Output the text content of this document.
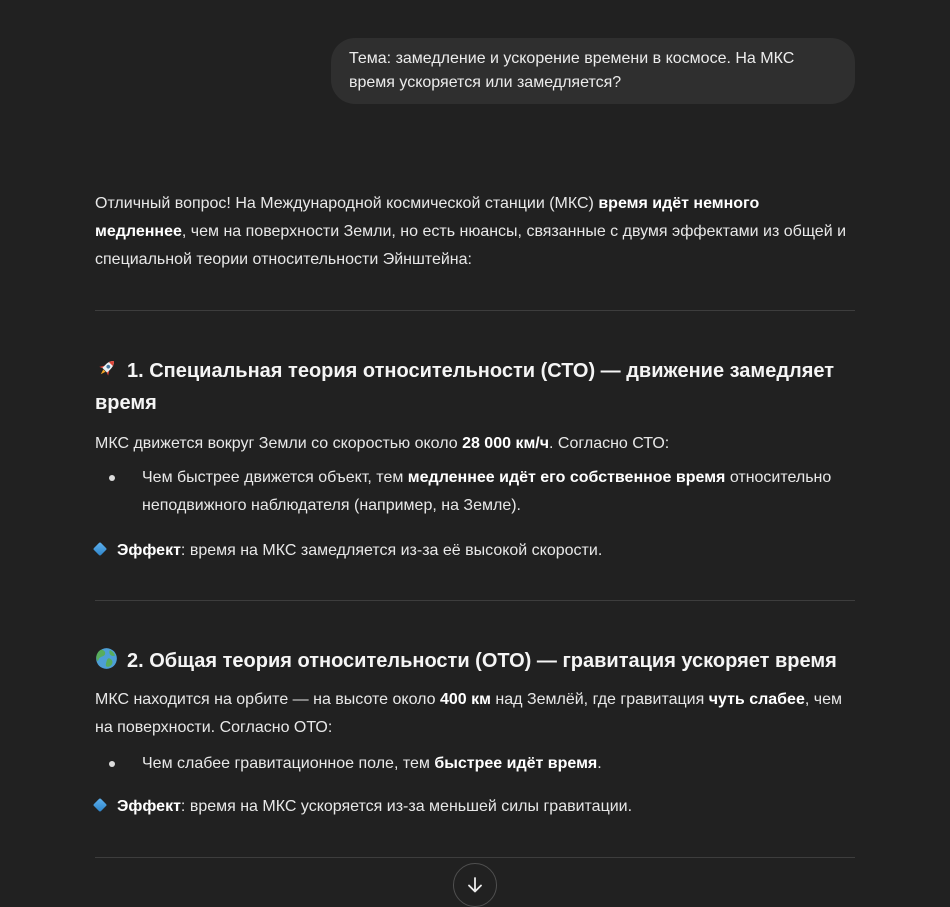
Тема: замедление и ускорение времени в космосе. На МКС время ускоряется или замедляется?

Отличный вопрос! На Международной космической станции (МКС) время идёт немного медленнее, чем на поверхности Земли, но есть нюансы, связанные с двумя эффектами из общей и специальной теории относительности Эйнштейна:

1. Специальная теория относительности (СТО) — движение замедляет время

МКС движется вокруг Земли со скоростью около 28 000 км/ч. Согласно СТО:

Чем быстрее движется объект, тем медленнее идёт его собственное время относительно неподвижного наблюдателя (например, на Земле).

Эффект: время на МКС замедляется из-за её высокой скорости.

2. Общая теория относительности (ОТО) — гравитация ускоряет время

МКС находится на орбите — на высоте около 400 км над Землёй, где гравитация чуть слабее, чем на поверхности. Согласно ОТО:

Чем слабее гравитационное поле, тем быстрее идёт время.

Эффект: время на МКС ускоряется из-за меньшей силы гравитации.
